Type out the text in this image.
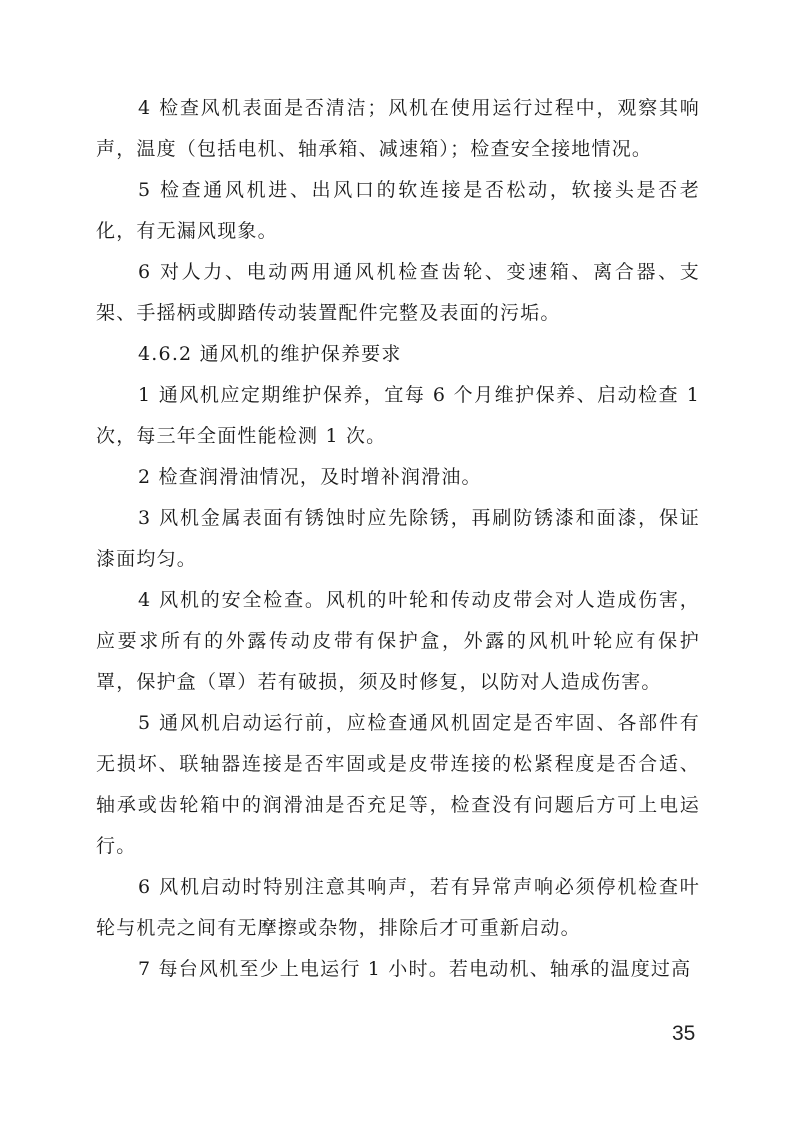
4 检查风机表面是否清洁；风机在使用运行过程中，观察其响声，温度（包括电机、轴承箱、减速箱）；检查安全接地情况。

5 检查通风机进、出风口的软连接是否松动，软接头是否老化，有无漏风现象。

6 对人力、电动两用通风机检查齿轮、变速箱、离合器、支架、手摇柄或脚踏传动装置配件完整及表面的污垢。

4.6.2 通风机的维护保养要求

1 通风机应定期维护保养，宜每 6 个月维护保养、启动检查 1 次，每三年全面性能检测 1 次。

2 检查润滑油情况，及时增补润滑油。

3 风机金属表面有锈蚀时应先除锈，再刷防锈漆和面漆，保证漆面均匀。

4 风机的安全检查。风机的叶轮和传动皮带会对人造成伤害，应要求所有的外露传动皮带有保护盒，外露的风机叶轮应有保护罩，保护盒（罩）若有破损，须及时修复，以防对人造成伤害。

5 通风机启动运行前，应检查通风机固定是否牢固、各部件有无损坏、联轴器连接是否牢固或是皮带连接的松紧程度是否合适、轴承或齿轮箱中的润滑油是否充足等，检查没有问题后方可上电运行。

6 风机启动时特别注意其响声，若有异常声响必须停机检查叶轮与机壳之间有无摩擦或杂物，排除后才可重新启动。

7 每台风机至少上电运行 1 小时。若电动机、轴承的温度过高

35
